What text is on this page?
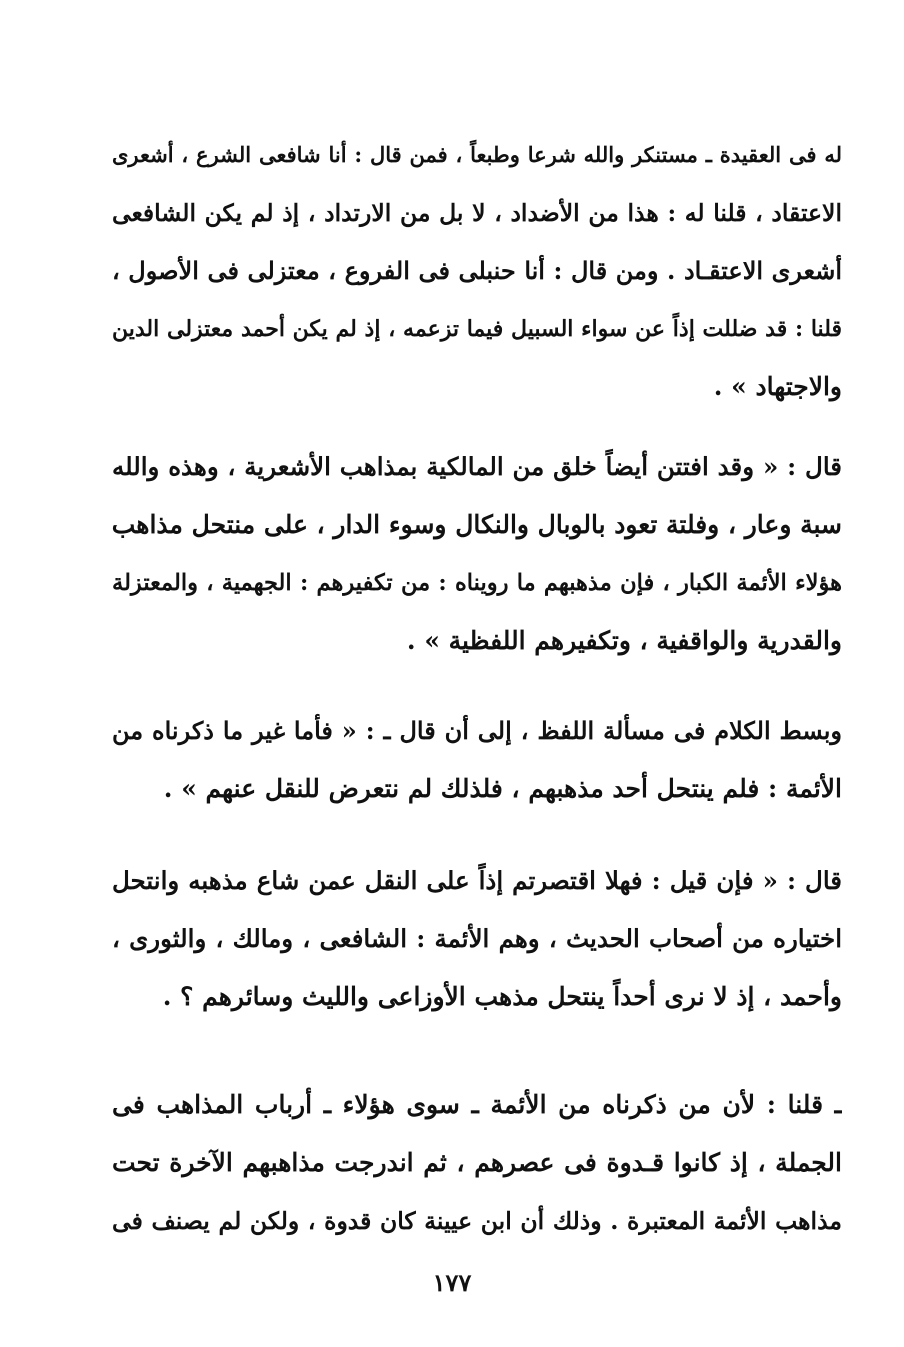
له فى العقيدة ـ مستنكر والله شرعا وطبعاً ، فمن قال : أنا شافعى الشرع ، أشعرى
الاعتقاد ، قلنا له : هذا من الأضداد ، لا بل من الارتداد ، إذ لم يكن الشافعى
أشعرى الاعتقـاد . ومن قال : أنا حنبلى فى الفروع ، معتزلى فى الأصول ،
قلنا : قد ضللت إذاً عن سواء السبيل فيما تزعمه ، إذ لم يكن أحمد معتزلى الدين
والاجتهاد » .
قال : « وقد افتتن أيضاً خلق من المالكية بمذاهب الأشعرية ، وهذه والله
سبة وعار ، وفلتة تعود بالوبال والنكال وسوء الدار ، على منتحل مذاهب
هؤلاء الأئمة الكبار ، فإن مذهبهم ما رويناه : من تكفيرهم : الجهمية ، والمعتزلة
والقدرية والواقفية ، وتكفيرهم اللفظية » .
وبسط الكلام فى مسألة اللفظ ، إلى أن قال ـ : « فأما غير ما ذكرناه من
الأئمة : فلم ينتحل أحد مذهبهم ، فلذلك لم نتعرض للنقل عنهم » .
قال : « فإن قيل : فهلا اقتصرتم إذاً على النقل عمن شاع مذهبه وانتحل
اختياره من أصحاب الحديث ، وهم الأئمة : الشافعى ، ومالك ، والثورى ،
وأحمد ، إذ لا نرى أحداً ينتحل مذهب الأوزاعى والليث وسائرهم ؟ .
ـ قلنا : لأن من ذكرناه من الأئمة ـ سوى هؤلاء ـ أرباب المذاهب فى
الجملة ، إذ كانوا قـدوة فى عصرهم ، ثم اندرجت مذاهبهم الآخرة تحت
مذاهب الأئمة المعتبرة . وذلك أن ابن عيينة كان قدوة ، ولكن لم يصنف فى
١٧٧
